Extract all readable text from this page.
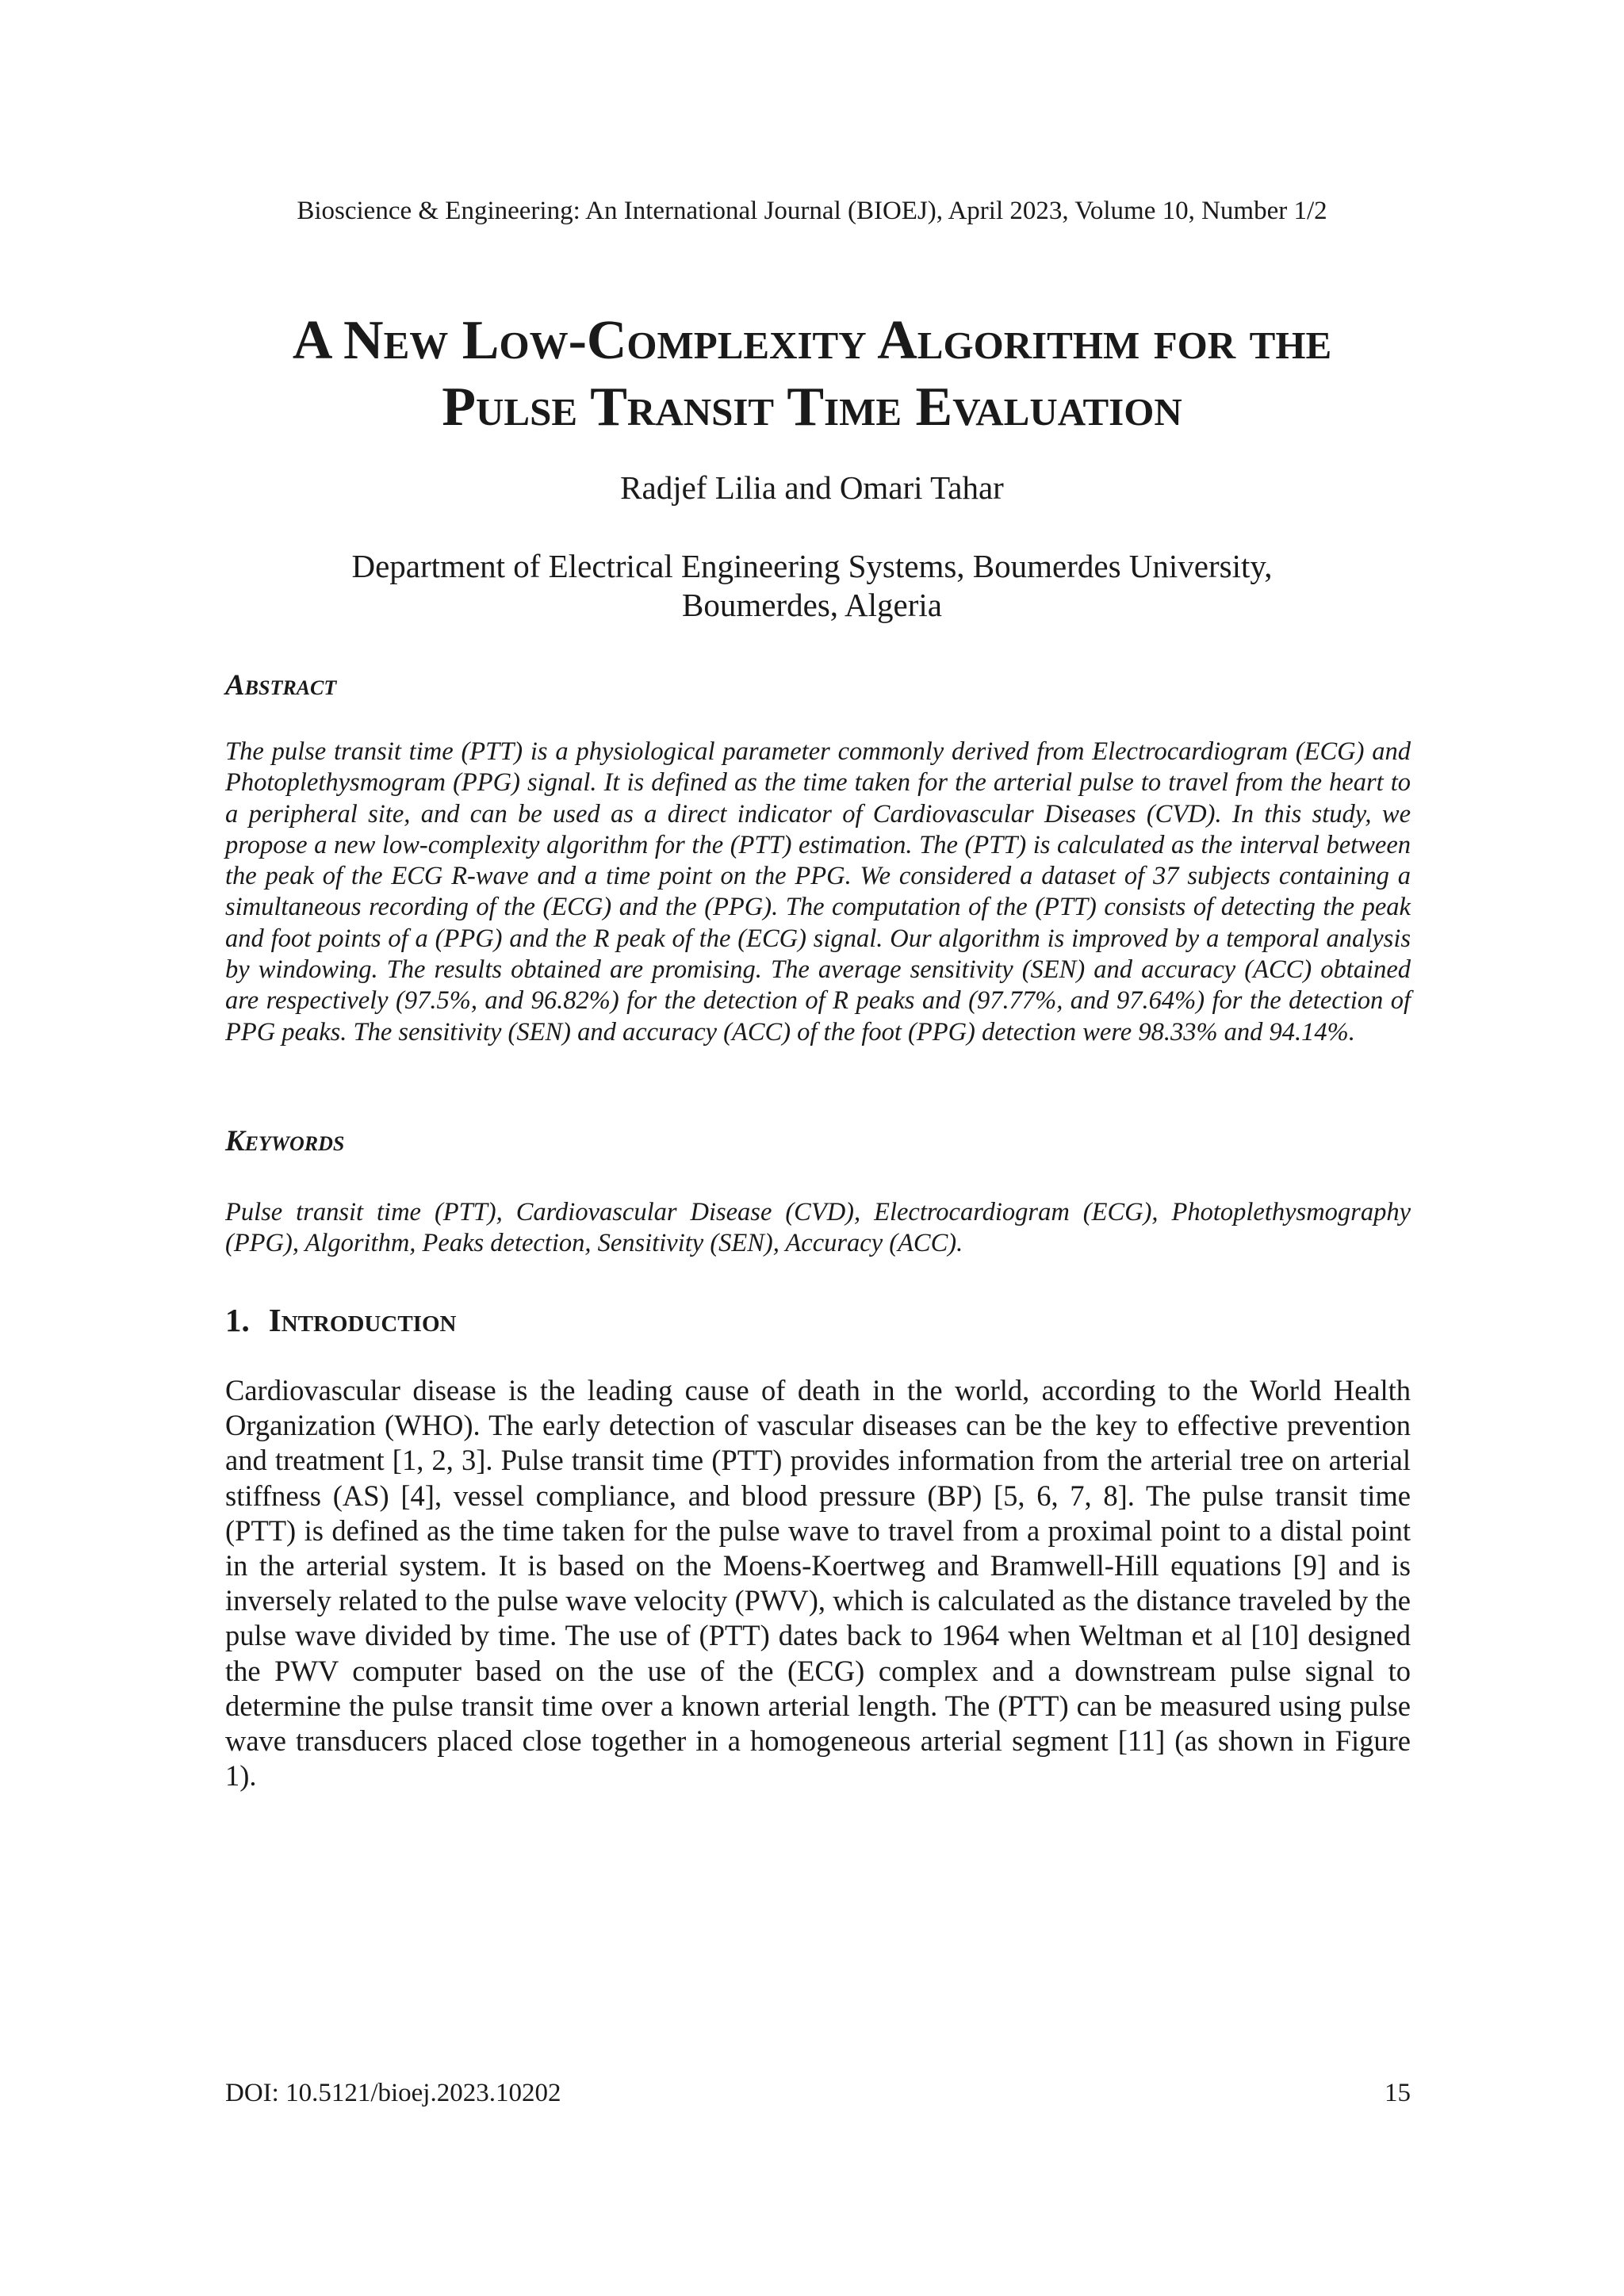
Bioscience & Engineering: An International Journal (BIOEJ), April 2023, Volume 10, Number 1/2
A New Low-Complexity Algorithm for the
Pulse Transit Time Evaluation
Radjef Lilia and Omari Tahar
Department of Electrical Engineering Systems, Boumerdes University,
Boumerdes, Algeria
Abstract

The pulse transit time (PTT) is a physiological parameter commonly derived from Electrocardiogram (ECG) and Photoplethysmogram (PPG) signal. It is defined as the time taken for the arterial pulse to travel from the heart to a peripheral site, and can be used as a direct indicator of Cardiovascular Diseases (CVD). In this study, we propose a new low-complexity algorithm for the (PTT) estimation. The (PTT) is calculated as the interval between the peak of the ECG R-wave and a time point on the PPG. We considered a dataset of 37 subjects containing a simultaneous recording of the (ECG) and the (PPG). The computation of the (PTT) consists of detecting the peak and foot points of a (PPG) and the R peak of the (ECG) signal. Our algorithm is improved by a temporal analysis by windowing. The results obtained are promising. The average sensitivity (SEN) and accuracy (ACC) obtained are respectively (97.5%, and 96.82%) for the detection of R peaks and (97.77%, and 97.64%) for the detection of PPG peaks. The sensitivity (SEN) and accuracy (ACC) of the foot (PPG) detection were 98.33% and 94.14%.

Keywords

Pulse transit time (PTT), Cardiovascular Disease (CVD), Electrocardiogram (ECG), Photoplethysmography (PPG), Algorithm, Peaks detection, Sensitivity (SEN), Accuracy (ACC).

1. Introduction

Cardiovascular disease is the leading cause of death in the world, according to the World Health Organization (WHO). The early detection of vascular diseases can be the key to effective prevention and treatment [1, 2, 3]. Pulse transit time (PTT) provides information from the arterial tree on arterial stiffness (AS) [4], vessel compliance, and blood pressure (BP) [5, 6, 7, 8]. The pulse transit time (PTT) is defined as the time taken for the pulse wave to travel from a proximal point to a distal point in the arterial system. It is based on the Moens-Koertweg and Bramwell-Hill equations [9] and is inversely related to the pulse wave velocity (PWV), which is calculated as the distance traveled by the pulse wave divided by time. The use of (PTT) dates back to 1964 when Weltman et al [10] designed the PWV computer based on the use of the (ECG) complex and a downstream pulse signal to determine the pulse transit time over a known arterial length. The (PTT) can be measured using pulse wave transducers placed close together in a homogeneous arterial segment [11] (as shown in Figure 1).

DOI: 10.5121/bioej.2023.10202	15
